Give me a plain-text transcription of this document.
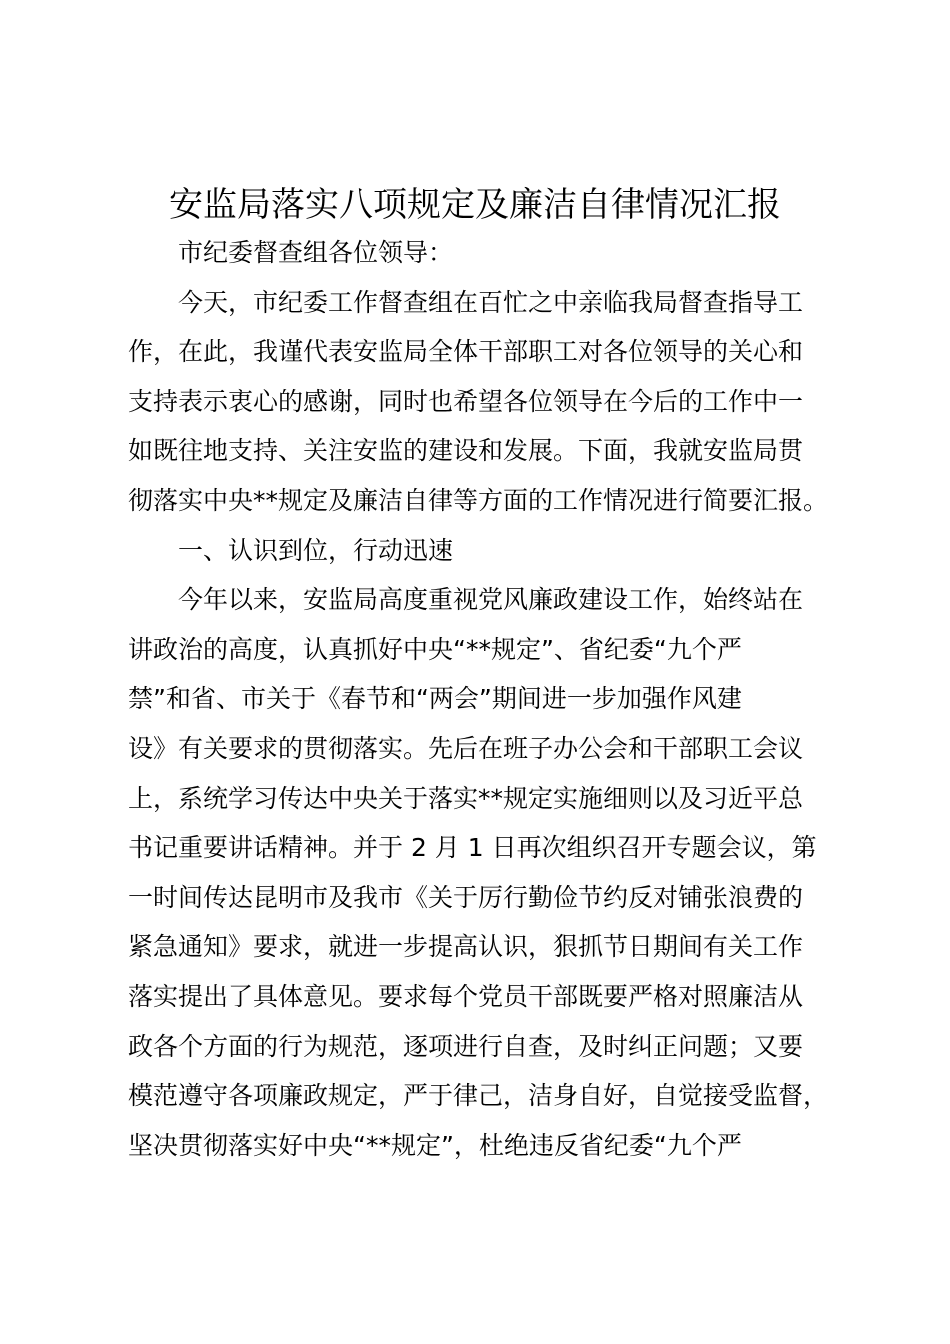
安监局落实八项规定及廉洁自律情况汇报
市纪委督查组各位领导：
今天，市纪委工作督查组在百忙之中亲临我局督查指导工
作，在此，我谨代表安监局全体干部职工对各位领导的关心和
支持表示衷心的感谢，同时也希望各位领导在今后的工作中一
如既往地支持、关注安监的建设和发展。下面，我就安监局贯
彻落实中央**规定及廉洁自律等方面的工作情况进行简要汇报。
一、认识到位，行动迅速
今年以来，安监局高度重视党风廉政建设工作，始终站在
讲政治的高度，认真抓好中央“**规定”、省纪委“九个严
禁”和省、市关于《春节和“两会”期间进一步加强作风建
设》有关要求的贯彻落实。先后在班子办公会和干部职工会议
上，系统学习传达中央关于落实**规定实施细则以及习近平总
书记重要讲话精神。并于 2 月 1 日再次组织召开专题会议，第
一时间传达昆明市及我市《关于厉行勤俭节约反对铺张浪费的
紧急通知》要求，就进一步提高认识，狠抓节日期间有关工作
落实提出了具体意见。要求每个党员干部既要严格对照廉洁从
政各个方面的行为规范，逐项进行自查，及时纠正问题；又要
模范遵守各项廉政规定，严于律己，洁身自好，自觉接受监督，
坚决贯彻落实好中央“**规定”，杜绝违反省纪委“九个严
